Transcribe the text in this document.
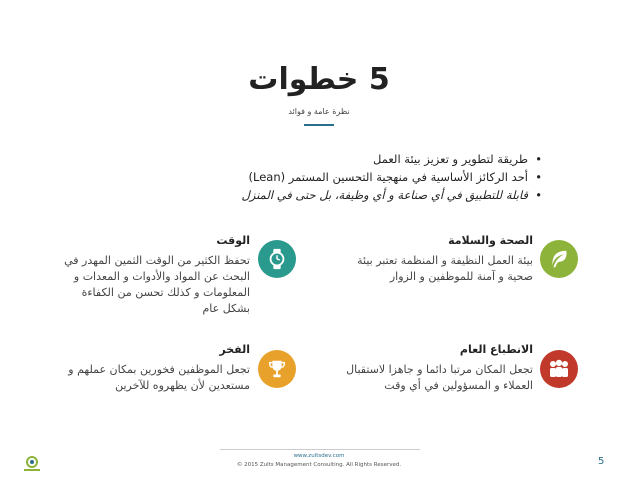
5 خطوات
نظرة عامة و فوائد
• طريقة لتطوير و تعزيز بيئة العمل
• أحد الركائز الأساسية في منهجية التحسين المستمر (Lean)
• قابلة للتطبيق في أي صناعة و أي وظيفة، بل حتى في المنزل
الصحة والسلامة
بيئة العمل النظيفة و المنظمة تعتبر بيئة صحية و آمنة للموظفين و الزوار
الوقت
تحفظ الكثير من الوقت الثمين المهدر في البحث عن المواد والأدوات و المعدات و المعلومات و كذلك تحسن من الكفاءة بشكل عام
الانطباع العام
تجعل المكان مرتبا دائما و جاهزا لاستقبال العملاء و المسؤولين في أي وقت
الفخر
تجعل الموظفين فخورين بمكان عملهم و مستعدين لأن يظهروه للآخرين
www.zultsdev.com
© 2015 Zults Management Consulting. All Rights Reserved.	5
